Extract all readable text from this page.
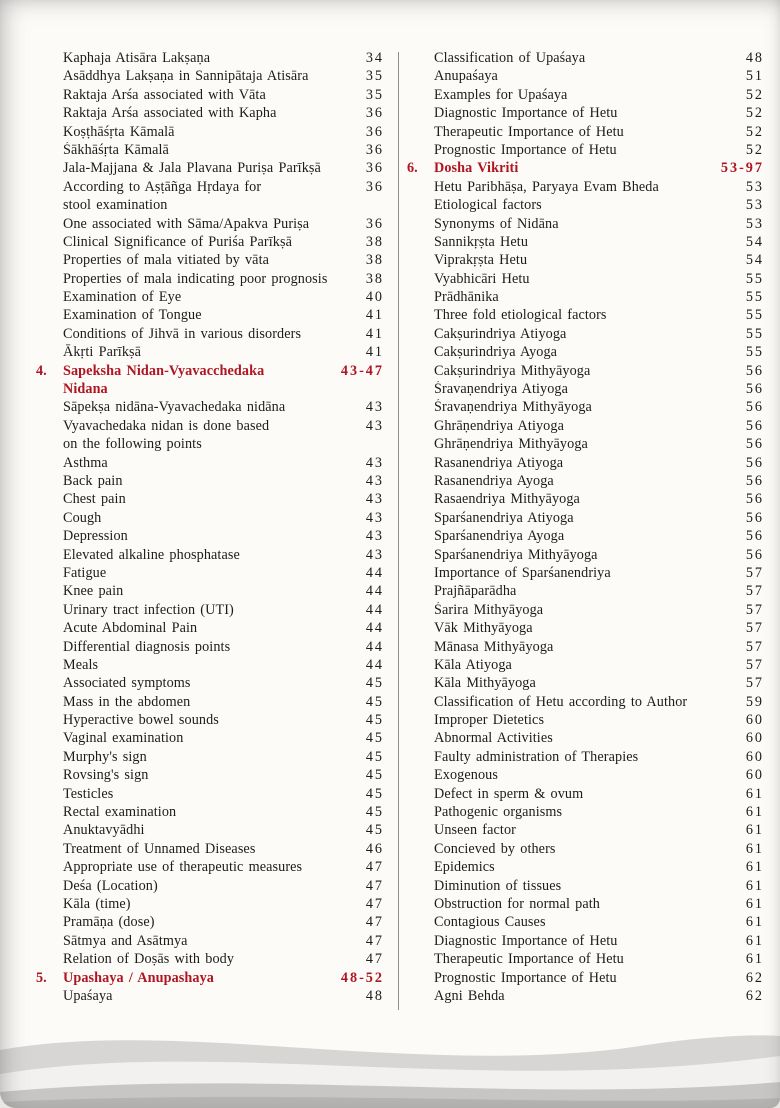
Kaphaja Atisāra Lakṣaṇa	34
Asāddhya Lakṣaṇa in Sannipātaja Atisāra	35
Raktaja Arśa associated with Vāta	35
Raktaja Arśa associated with Kapha	36
Koṣṭhāśṛta Kāmalā	36
Śākhāśṛta Kāmalā	36
Jala-Majjana & Jala Plavana Puriṣa Parīkṣā	36
According to Aṣṭāñga Hṛdaya for	36
stool examination
One associated with Sāma/Apakva Puriṣa	36
Clinical Significance of Puriśa Parīkṣā	38
Properties of mala vitiated by vāta	38
Properties of mala indicating poor prognosis	38
Examination of Eye	40
Examination of Tongue	41
Conditions of Jihvā in various disorders	41
Ākṛti Parīkṣā	41
4.	Sapeksha Nidan-Vyavacchedaka	43-47
Nidana
Sāpekṣa nidāna-Vyavachedaka nidāna	43
Vyavachedaka nidan is done based	43
on the following points
Asthma	43
Back pain	43
Chest pain	43
Cough	43
Depression	43
Elevated alkaline phosphatase	43
Fatigue	44
Knee pain	44
Urinary tract infection (UTI)	44
Acute Abdominal Pain	44
Differential diagnosis points	44
Meals	44
Associated symptoms	45
Mass in the abdomen	45
Hyperactive bowel sounds	45
Vaginal examination	45
Murphy's sign	45
Rovsing's sign	45
Testicles	45
Rectal examination	45
Anuktavyādhi	45
Treatment of Unnamed Diseases	46
Appropriate use of therapeutic measures	47
Deśa (Location)	47
Kāla (time)	47
Pramāṇa (dose)	47
Sātmya and Asātmya	47
Relation of Doṣās with body	47
5.	Upashaya / Anupashaya	48-52
Upaśaya	48
Classification of Upaśaya	48
Anupaśaya	51
Examples for Upaśaya	52
Diagnostic Importance of Hetu	52
Therapeutic Importance of Hetu	52
Prognostic Importance of Hetu	52
6.	Dosha Vikriti	53-97
Hetu Paribhāṣa, Paryaya Evam Bheda	53
Etiological factors	53
Synonyms of Nidāna	53
Sannikṛṣta Hetu	54
Viprakṛṣta Hetu	54
Vyabhicāri Hetu	55
Prādhānika	55
Three fold etiological factors	55
Cakṣurindriya Atiyoga	55
Cakṣurindriya Ayoga	55
Cakṣurindriya Mithyāyoga	56
Śravaṇendriya Atiyoga	56
Śravaṇendriya Mithyāyoga	56
Ghrāṇendriya Atiyoga	56
Ghrāṇendriya Mithyāyoga	56
Rasanendriya Atiyoga	56
Rasanendriya Ayoga	56
Rasaendriya Mithyāyoga	56
Sparśanendriya Atiyoga	56
Sparśanendriya Ayoga	56
Sparśanendriya Mithyāyoga	56
Importance of Sparśanendriya	57
Prajñāparādha	57
Śarira Mithyāyoga	57
Vāk Mithyāyoga	57
Mānasa Mithyāyoga	57
Kāla Atiyoga	57
Kāla Mithyāyoga	57
Classification of Hetu according to Author	59
Improper Dietetics	60
Abnormal Activities	60
Faulty administration of Therapies	60
Exogenous	60
Defect in sperm & ovum	61
Pathogenic organisms	61
Unseen factor	61
Concieved by others	61
Epidemics	61
Diminution of tissues	61
Obstruction for normal path	61
Contagious Causes	61
Diagnostic Importance of Hetu	61
Therapeutic Importance of Hetu	61
Prognostic Importance of Hetu	62
Agni Behda	62
